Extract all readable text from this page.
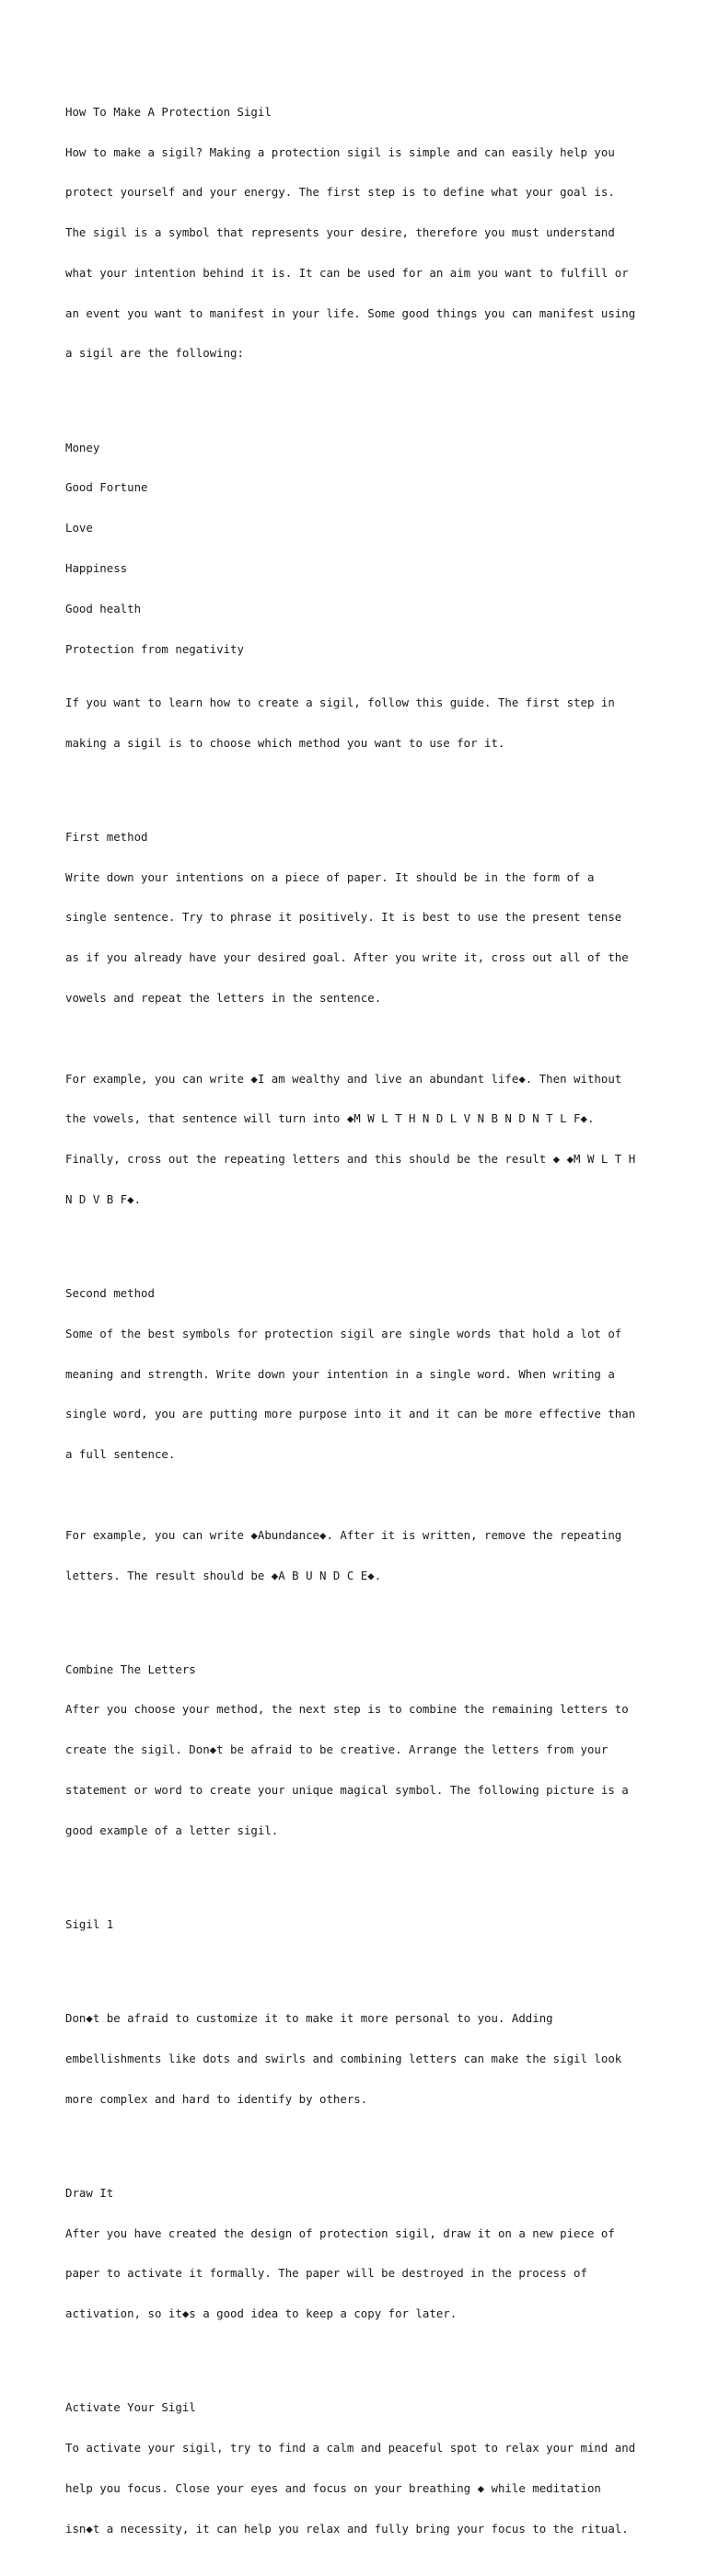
How To Make A Protection Sigil

How to make a sigil? Making a protection sigil is simple and can easily help you

protect yourself and your energy. The first step is to define what your goal is.

The sigil is a symbol that represents your desire, therefore you must understand

what your intention behind it is. It can be used for an aim you want to fulfill or

an event you want to manifest in your life. Some good things you can manifest using

a sigil are the following:

Money

Good Fortune

Love

Happiness

Good health

Protection from negativity

If you want to learn how to create a sigil, follow this guide. The first step in

making a sigil is to choose which method you want to use for it.

First method

Write down your intentions on a piece of paper. It should be in the form of a

single sentence. Try to phrase it positively. It is best to use the present tense

as if you already have your desired goal. After you write it, cross out all of the

vowels and repeat the letters in the sentence.

For example, you can write ◆I am wealthy and live an abundant life◆. Then without

the vowels, that sentence will turn into ◆M W L T H N D L V N B N D N T L F◆.

Finally, cross out the repeating letters and this should be the result ◆ ◆M W L T H

N D V B F◆.

Second method

Some of the best symbols for protection sigil are single words that hold a lot of

meaning and strength. Write down your intention in a single word. When writing a

single word, you are putting more purpose into it and it can be more effective than

a full sentence.

For example, you can write ◆Abundance◆. After it is written, remove the repeating

letters. The result should be ◆A B U N D C E◆.

Combine The Letters

After you choose your method, the next step is to combine the remaining letters to

create the sigil. Don◆t be afraid to be creative. Arrange the letters from your

statement or word to create your unique magical symbol. The following picture is a

good example of a letter sigil.

Sigil 1

Don◆t be afraid to customize it to make it more personal to you. Adding

embellishments like dots and swirls and combining letters can make the sigil look

more complex and hard to identify by others.

Draw It

After you have created the design of protection sigil, draw it on a new piece of

paper to activate it formally. The paper will be destroyed in the process of

activation, so it◆s a good idea to keep a copy for later.

Activate Your Sigil

To activate your sigil, try to find a calm and peaceful spot to relax your mind and

help you focus. Close your eyes and focus on your breathing ◆ while meditation

isn◆t a necessity, it can help you relax and fully bring your focus to the ritual.
